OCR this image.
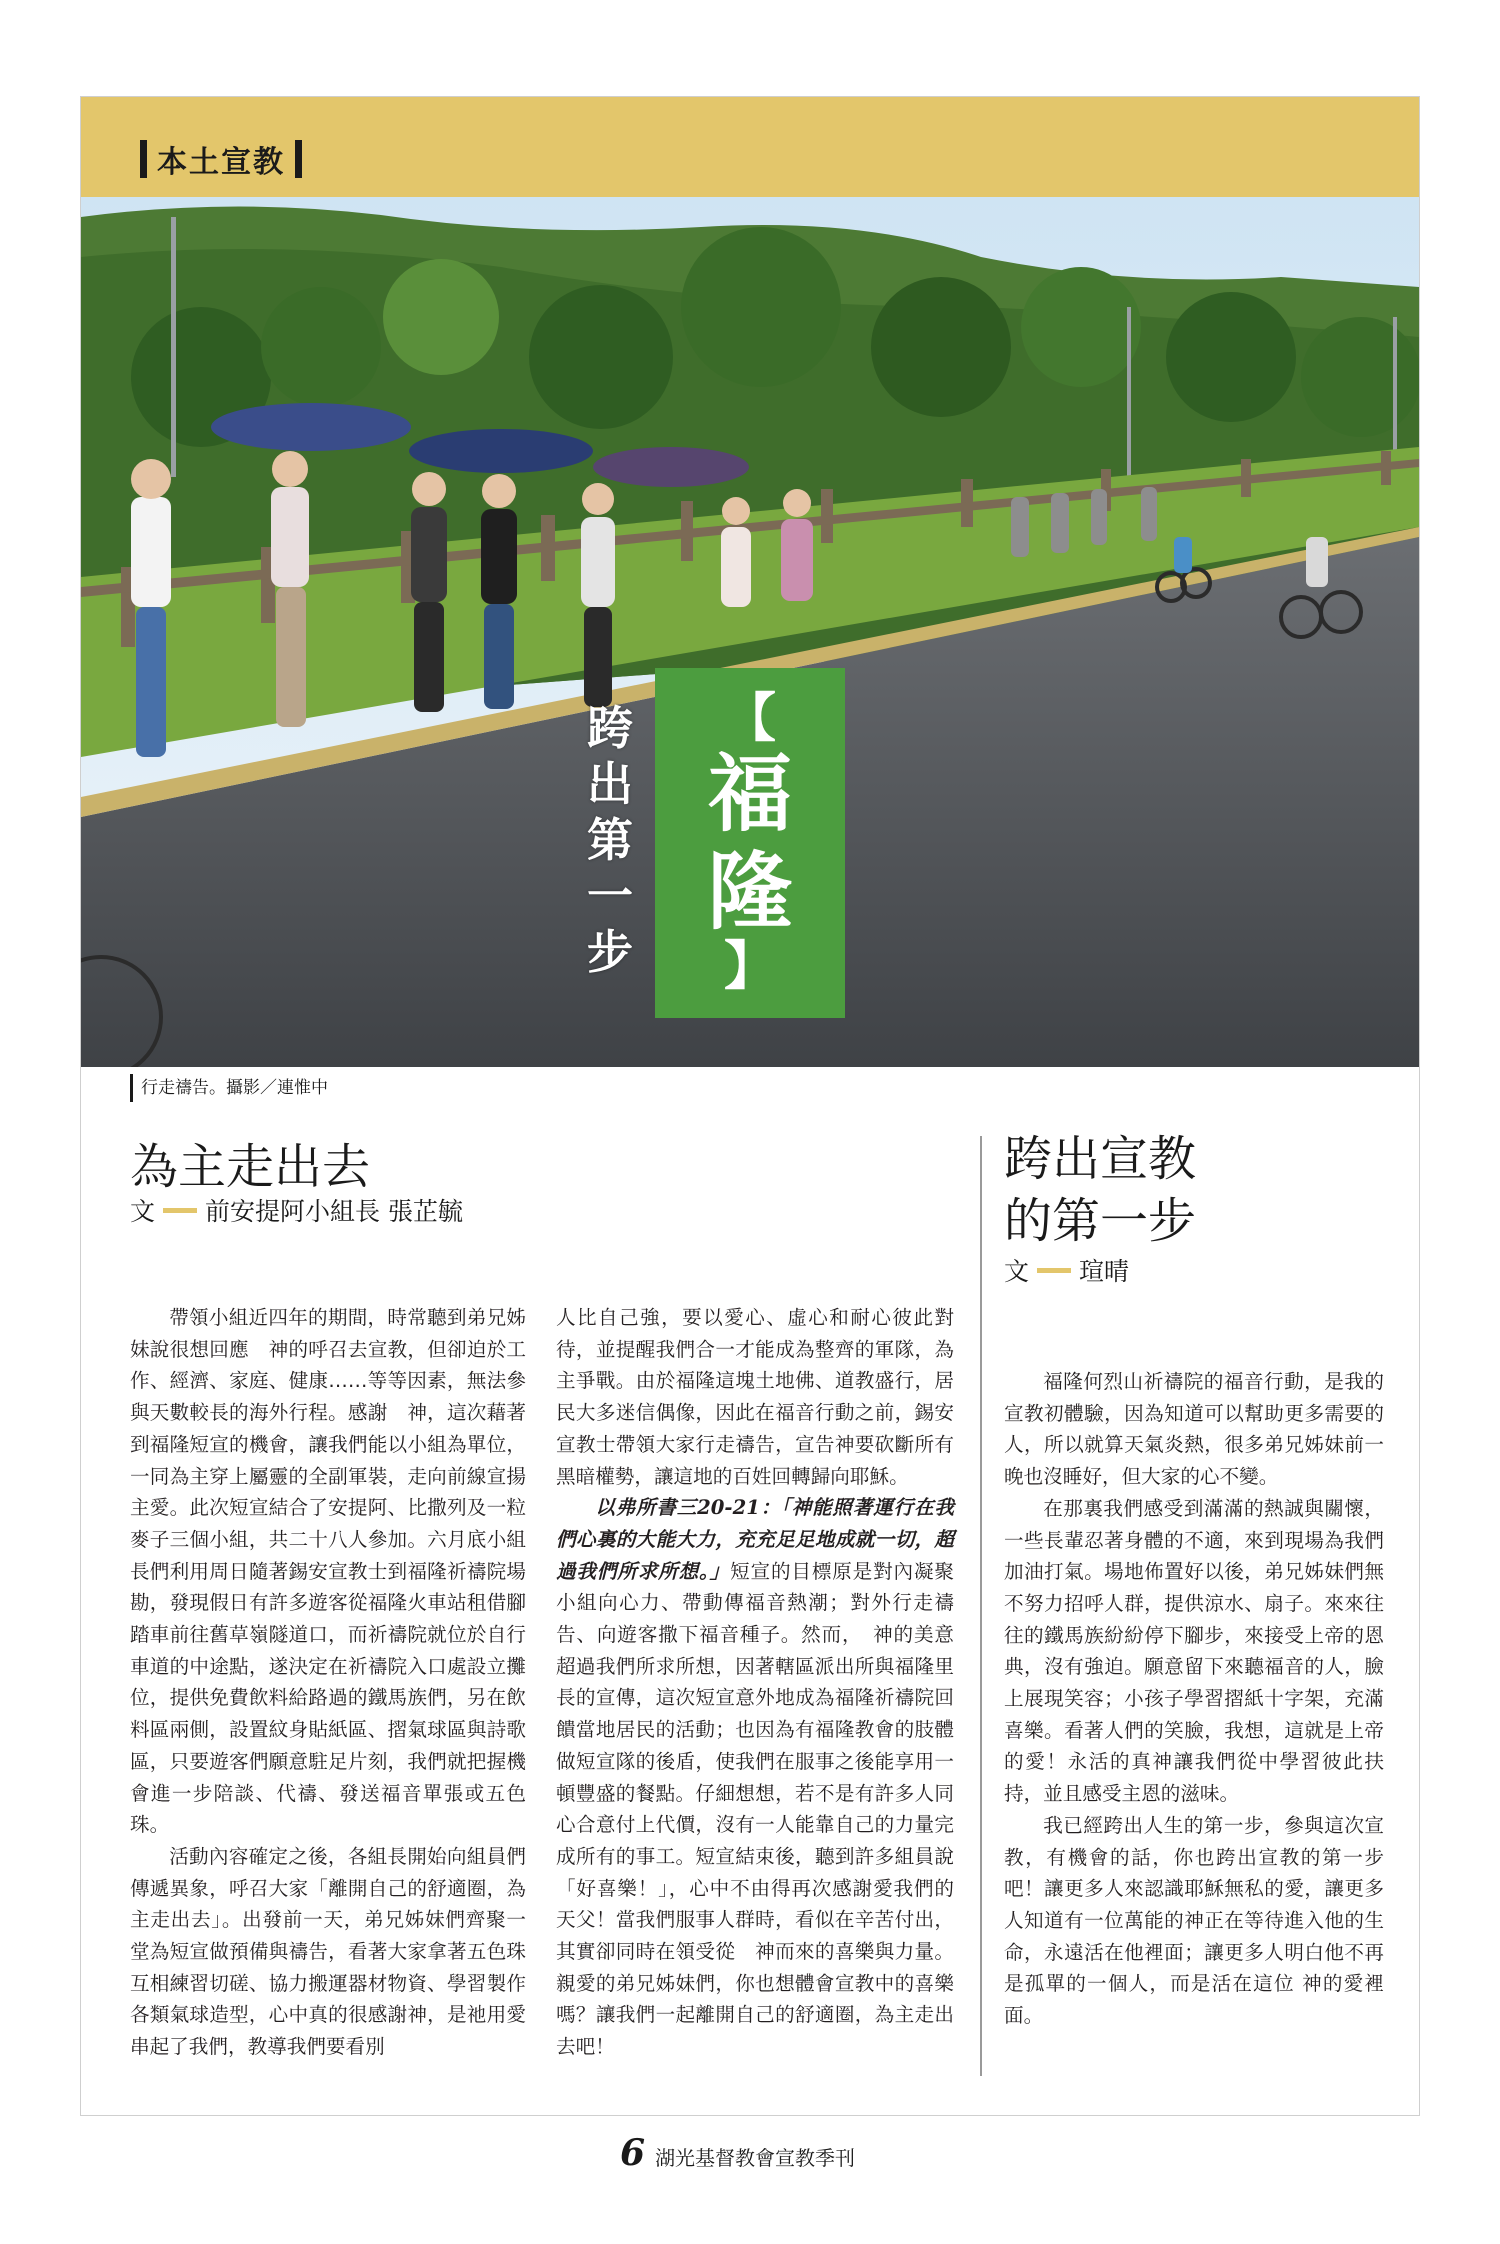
本土宣教
跨
出
第
一
步
【
福
隆
】
行走禱告。攝影／連惟中
為主走出去
文 前安提阿小組長 張芷毓

帶領小組近四年的期間，時常聽到弟兄姊妹說很想回應　神的呼召去宣教，但卻迫於工作、經濟、家庭、健康……等等因素，無法參與天數較長的海外行程。感謝　神，這次藉著到福隆短宣的機會，讓我們能以小組為單位，一同為主穿上屬靈的全副軍裝，走向前線宣揚主愛。此次短宣結合了安提阿、比撒列及一粒麥子三個小組，共二十八人參加。六月底小組長們利用周日隨著錫安宣教士到福隆祈禱院場勘，發現假日有許多遊客從福隆火車站租借腳踏車前往舊草嶺隧道口，而祈禱院就位於自行車道的中途點，遂決定在祈禱院入口處設立攤位，提供免費飲料給路過的鐵馬族們，另在飲料區兩側，設置紋身貼紙區、摺氣球區與詩歌區，只要遊客們願意駐足片刻，我們就把握機會進一步陪談、代禱、發送福音單張或五色珠。

活動內容確定之後，各組長開始向組員們傳遞異象，呼召大家「離開自己的舒適圈，為主走出去」。出發前一天，弟兄姊妹們齊聚一堂為短宣做預備與禱告，看著大家拿著五色珠互相練習切磋、協力搬運器材物資、學習製作各類氣球造型，心中真的很感謝神，是祂用愛串起了我們，教導我們要看別

人比自己強，要以愛心、虛心和耐心彼此對待，並提醒我們合一才能成為整齊的軍隊，為主爭戰。由於福隆這塊土地佛、道教盛行，居民大多迷信偶像，因此在福音行動之前，錫安宣教士帶領大家行走禱告，宣告神要砍斷所有黑暗權勢，讓這地的百姓回轉歸向耶穌。

以弗所書三20-21：「神能照著運行在我們心裏的大能大力，充充足足地成就一切，超過我們所求所想。」短宣的目標原是對內凝聚小組向心力、帶動傳福音熱潮；對外行走禱告、向遊客撒下福音種子。然而，　神的美意超過我們所求所想，因著轄區派出所與福隆里長的宣傳，這次短宣意外地成為福隆祈禱院回饋當地居民的活動；也因為有福隆教會的肢體做短宣隊的後盾，使我們在服事之後能享用一頓豐盛的餐點。仔細想想，若不是有許多人同心合意付上代價，沒有一人能靠自己的力量完成所有的事工。短宣結束後，聽到許多組員說「好喜樂！」，心中不由得再次感謝愛我們的天父！當我們服事人群時，看似在辛苦付出，其實卻同時在領受從　神而來的喜樂與力量。親愛的弟兄姊妹們，你也想體會宣教中的喜樂嗎？讓我們一起離開自己的舒適圈，為主走出去吧！

跨出宣教
的第一步
文 瑄晴

福隆何烈山祈禱院的福音行動，是我的宣教初體驗，因為知道可以幫助更多需要的人，所以就算天氣炎熱，很多弟兄姊妹前一晚也沒睡好，但大家的心不變。

在那裏我們感受到滿滿的熱誠與關懷，一些長輩忍著身體的不適，來到現場為我們加油打氣。場地佈置好以後，弟兄姊妹們無不努力招呼人群，提供涼水、扇子。來來往往的鐵馬族紛紛停下腳步，來接受上帝的恩典，沒有強迫。願意留下來聽福音的人，臉上展現笑容；小孩子學習摺紙十字架，充滿喜樂。看著人們的笑臉，我想，這就是上帝的愛！永活的真神讓我們從中學習彼此扶持，並且感受主恩的滋味。

我已經跨出人生的第一步，參與這次宣教，有機會的話，你也跨出宣教的第一步吧！讓更多人來認識耶穌無私的愛，讓更多人知道有一位萬能的神正在等待進入他的生命，永遠活在他裡面；讓更多人明白他不再是孤單的一個人，而是活在這位 神的愛裡面。

6 湖光基督教會宣教季刊
